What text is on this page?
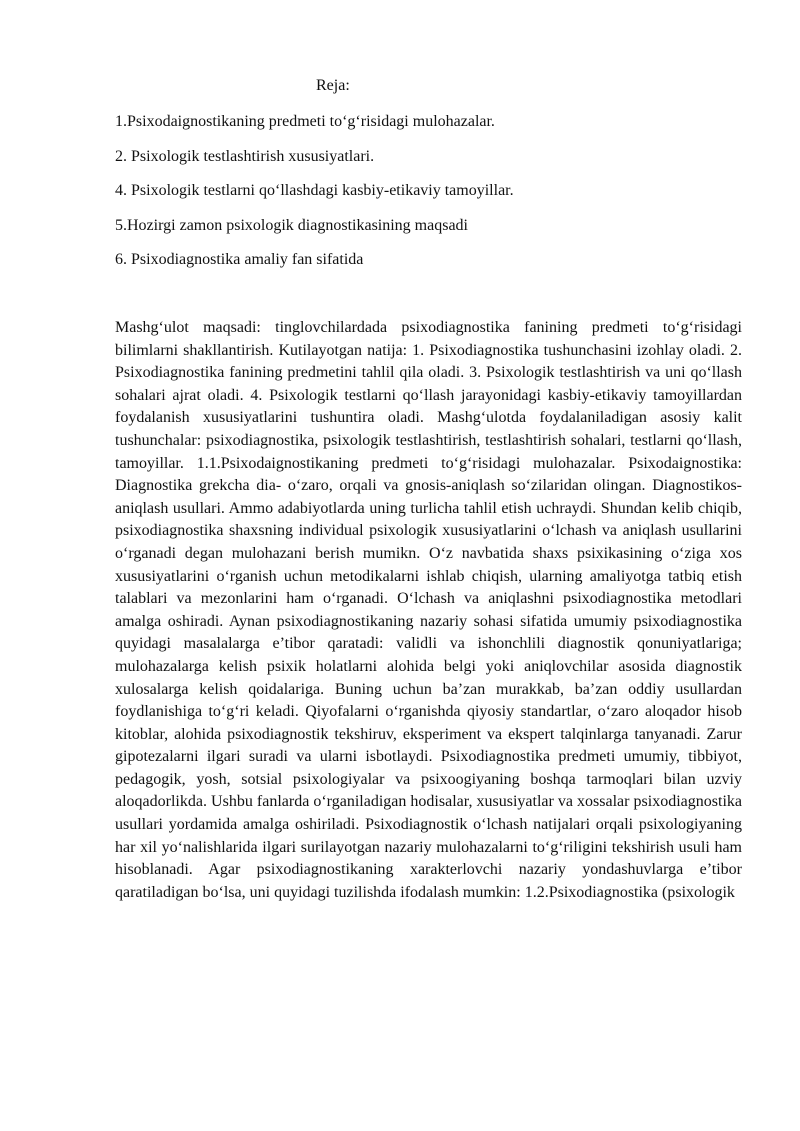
Reja:
1.Psixodaignostikaning predmeti to‘g‘risidagi mulohazalar.
2. Psixologik testlashtirish xususiyatlari.
4. Psixologik testlarni qo‘llashdagi kasbiy-etikaviy tamoyillar.
5.Hozirgi zamon psixologik diagnostikasining maqsadi
6. Psixodiagnostika amaliy fan sifatida

Mashg‘ulot maqsadi: tinglovchilardada psixodiagnostika fanining predmeti to‘g‘risidagi bilimlarni shakllantirish. Kutilayotgan natija: 1. Psixodiagnostika tushunchasini izohlay oladi. 2. Psixodiagnostika fanining predmetini tahlil qila oladi. 3. Psixologik testlashtirish va uni qo‘llash sohalari ajrat oladi. 4. Psixologik testlarni qo‘llash jarayonidagi kasbiy-etikaviy tamoyillardan foydalanish xususiyatlarini tushuntira oladi. Mashg‘ulotda foydalaniladigan asosiy kalit tushunchalar: psixodiagnostika, psixologik testlashtirish, testlashtirish sohalari, testlarni qo‘llash, tamoyillar. 1.1.Psixodaignostikaning predmeti to‘g‘risidagi mulohazalar. Psixodaignostika: Diagnostika grekcha dia- o‘zaro, orqali va gnosis-aniqlash so‘zilaridan olingan. Diagnostikos-aniqlash usullari. Ammo adabiyotlarda uning turlicha tahlil etish uchraydi. Shundan kelib chiqib, psixodiagnostika shaxsning individual psixologik xususiyatlarini o‘lchash va aniqlash usullarini o‘rganadi degan mulohazani berish mumikn. O‘z navbatida shaxs psixikasining o‘ziga xos xususiyatlarini o‘rganish uchun metodikalarni ishlab chiqish, ularning amaliyotga tatbiq etish talablari va mezonlarini ham o‘rganadi. O‘lchash va aniqlashni psixodiagnostika metodlari amalga oshiradi. Aynan psixodiagnostikaning nazariy sohasi sifatida umumiy psixodiagnostika quyidagi masalalarga e’tibor qaratadi: validli va ishonchlili diagnostik qonuniyatlariga; mulohazalarga kelish psixik holatlarni alohida belgi yoki aniqlovchilar asosida diagnostik xulosalarga kelish qoidalariga. Buning uchun ba’zan murakkab, ba’zan oddiy usullardan foydlanishiga to‘g‘ri keladi. Qiyofalarni o‘rganishda qiyosiy standartlar, o‘zaro aloqador hisob kitoblar, alohida psixodiagnostik tekshiruv, eksperiment va ekspert talqinlarga tanyanadi. Zarur gipotezalarni ilgari suradi va ularni isbotlaydi. Psixodiagnostika predmeti umumiy, tibbiyot, pedagogik, yosh, sotsial psixologiyalar va psixoogiyaning boshqa tarmoqlari bilan uzviy aloqadorlikda. Ushbu fanlarda o‘rganiladigan hodisalar, xususiyatlar va xossalar psixodiagnostika usullari yordamida amalga oshiriladi. Psixodiagnostik o‘lchash natijalari orqali psixologiyaning har xil yo‘nalishlarida ilgari surilayotgan nazariy mulohazalarni to‘g‘riligini tekshirish usuli ham hisoblanadi. Agar psixodiagnostikaning xarakterlovchi nazariy yondashuvlarga e’tibor qaratiladigan bo‘lsa, uni quyidagi tuzilishda ifodalash mumkin: 1.2.Psixodiagnostika (psixologik
